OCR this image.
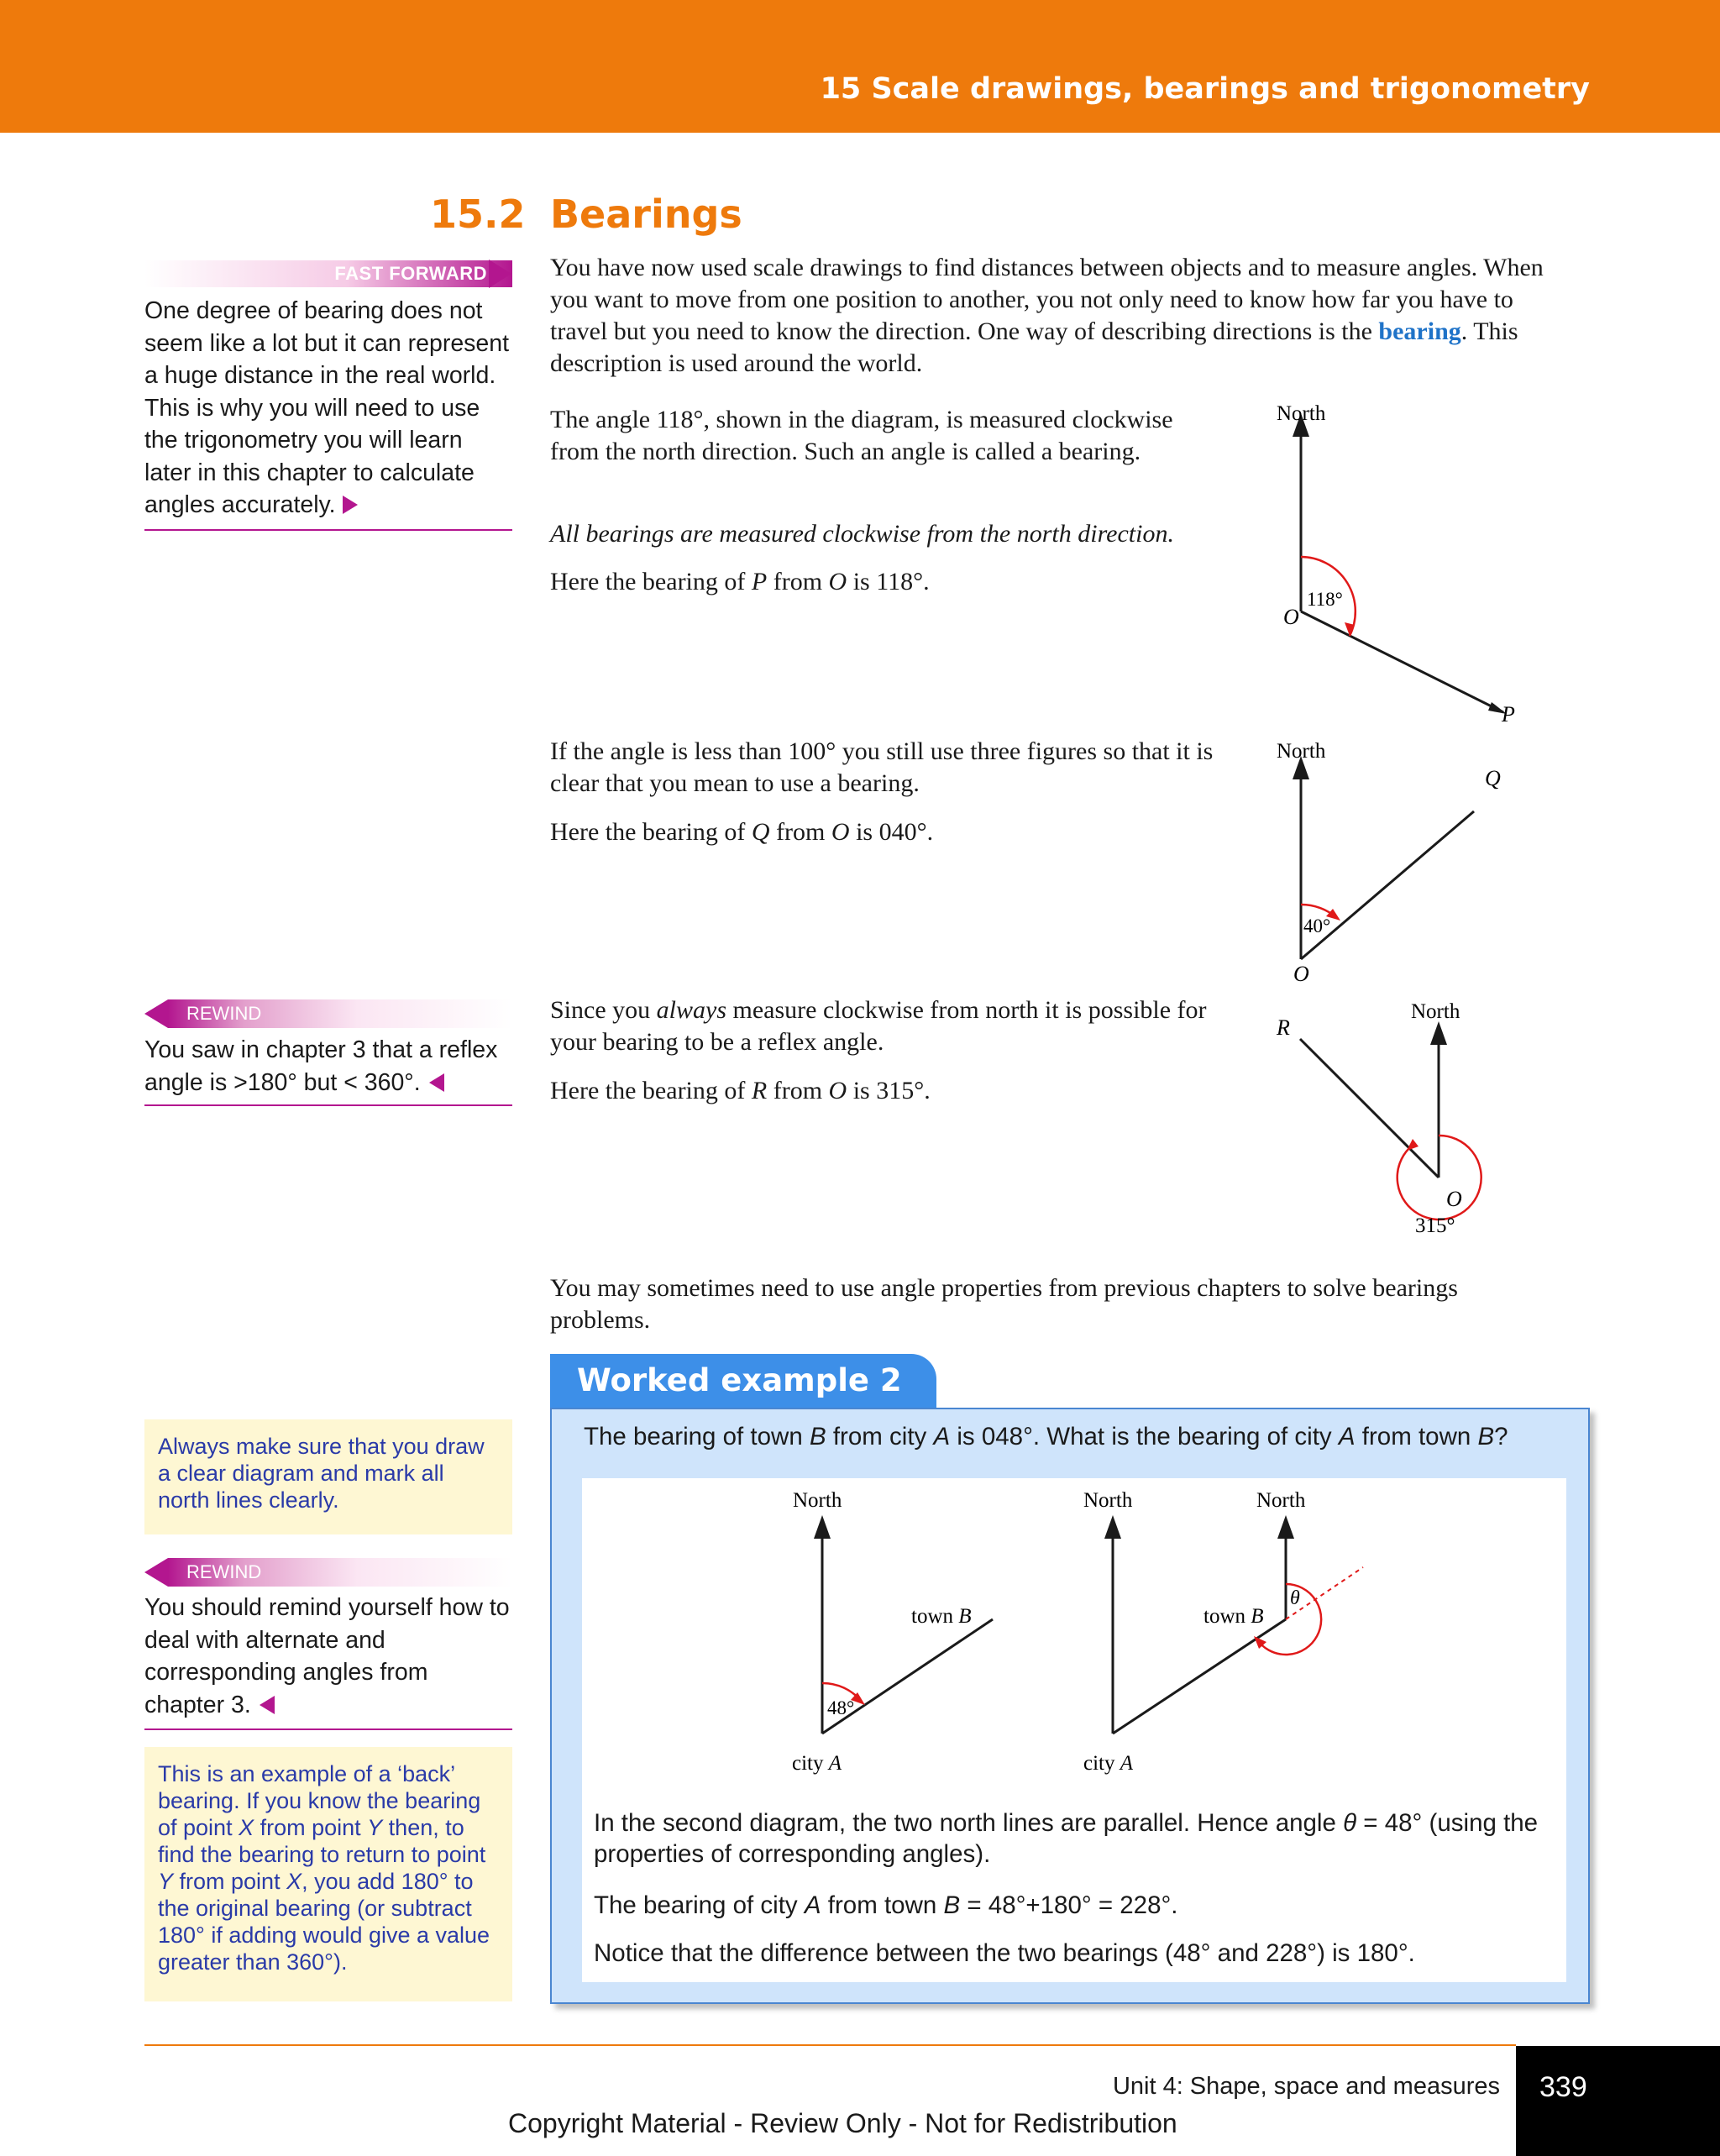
15 Scale drawings, bearings and trigonometry
15.2 Bearings

You have now used scale drawings to find distances between objects and to measure angles. When you want to move from one position to another, you not only need to know how far you have to travel but you need to know the direction. One way of describing directions is the bearing. This description is used around the world.

The angle 118°, shown in the diagram, is measured clockwise from the north direction. Such an angle is called a bearing.

All bearings are measured clockwise from the north direction.

Here the bearing of P from O is 118°.

If the angle is less than 100° you still use three figures so that it is clear that you mean to use a bearing.

Here the bearing of Q from O is 040°.

Since you always measure clockwise from north it is possible for your bearing to be a reflex angle.

Here the bearing of R from O is 315°.

You may sometimes need to use angle properties from previous chapters to solve bearings problems.

North
O
P
118°
North
O
Q
40°
North
O
R
315°
FAST FORWARD
One degree of bearing does not seem like a lot but it can represent a huge distance in the real world. This is why you will need to use the trigonometry you will learn later in this chapter to calculate angles accurately.
REWIND
You saw in chapter 3 that a reflex angle is >180° but < 360°.
Always make sure that you draw a clear diagram and mark all north lines clearly.
REWIND
You should remind yourself how to deal with alternate and corresponding angles from chapter 3.
This is an example of a ‘back’ bearing. If you know the bearing of point X from point Y then, to find the bearing to return to point Y from point X, you add 180° to the original bearing (or subtract 180° if adding would give a value greater than 360°).
Worked example 2
The bearing of town B from city A is 048°. What is the bearing of city A from town B?
North
town B
city A
48°
North	North
town B
city A
θ

In the second diagram, the two north lines are parallel. Hence angle θ = 48° (using the properties of corresponding angles).

The bearing of city A from town B = 48°+180° = 228°.

Notice that the difference between the two bearings (48° and 228°) is 180°.

Unit 4: Shape, space and measures 339
Copyright Material - Review Only - Not for Redistribution
